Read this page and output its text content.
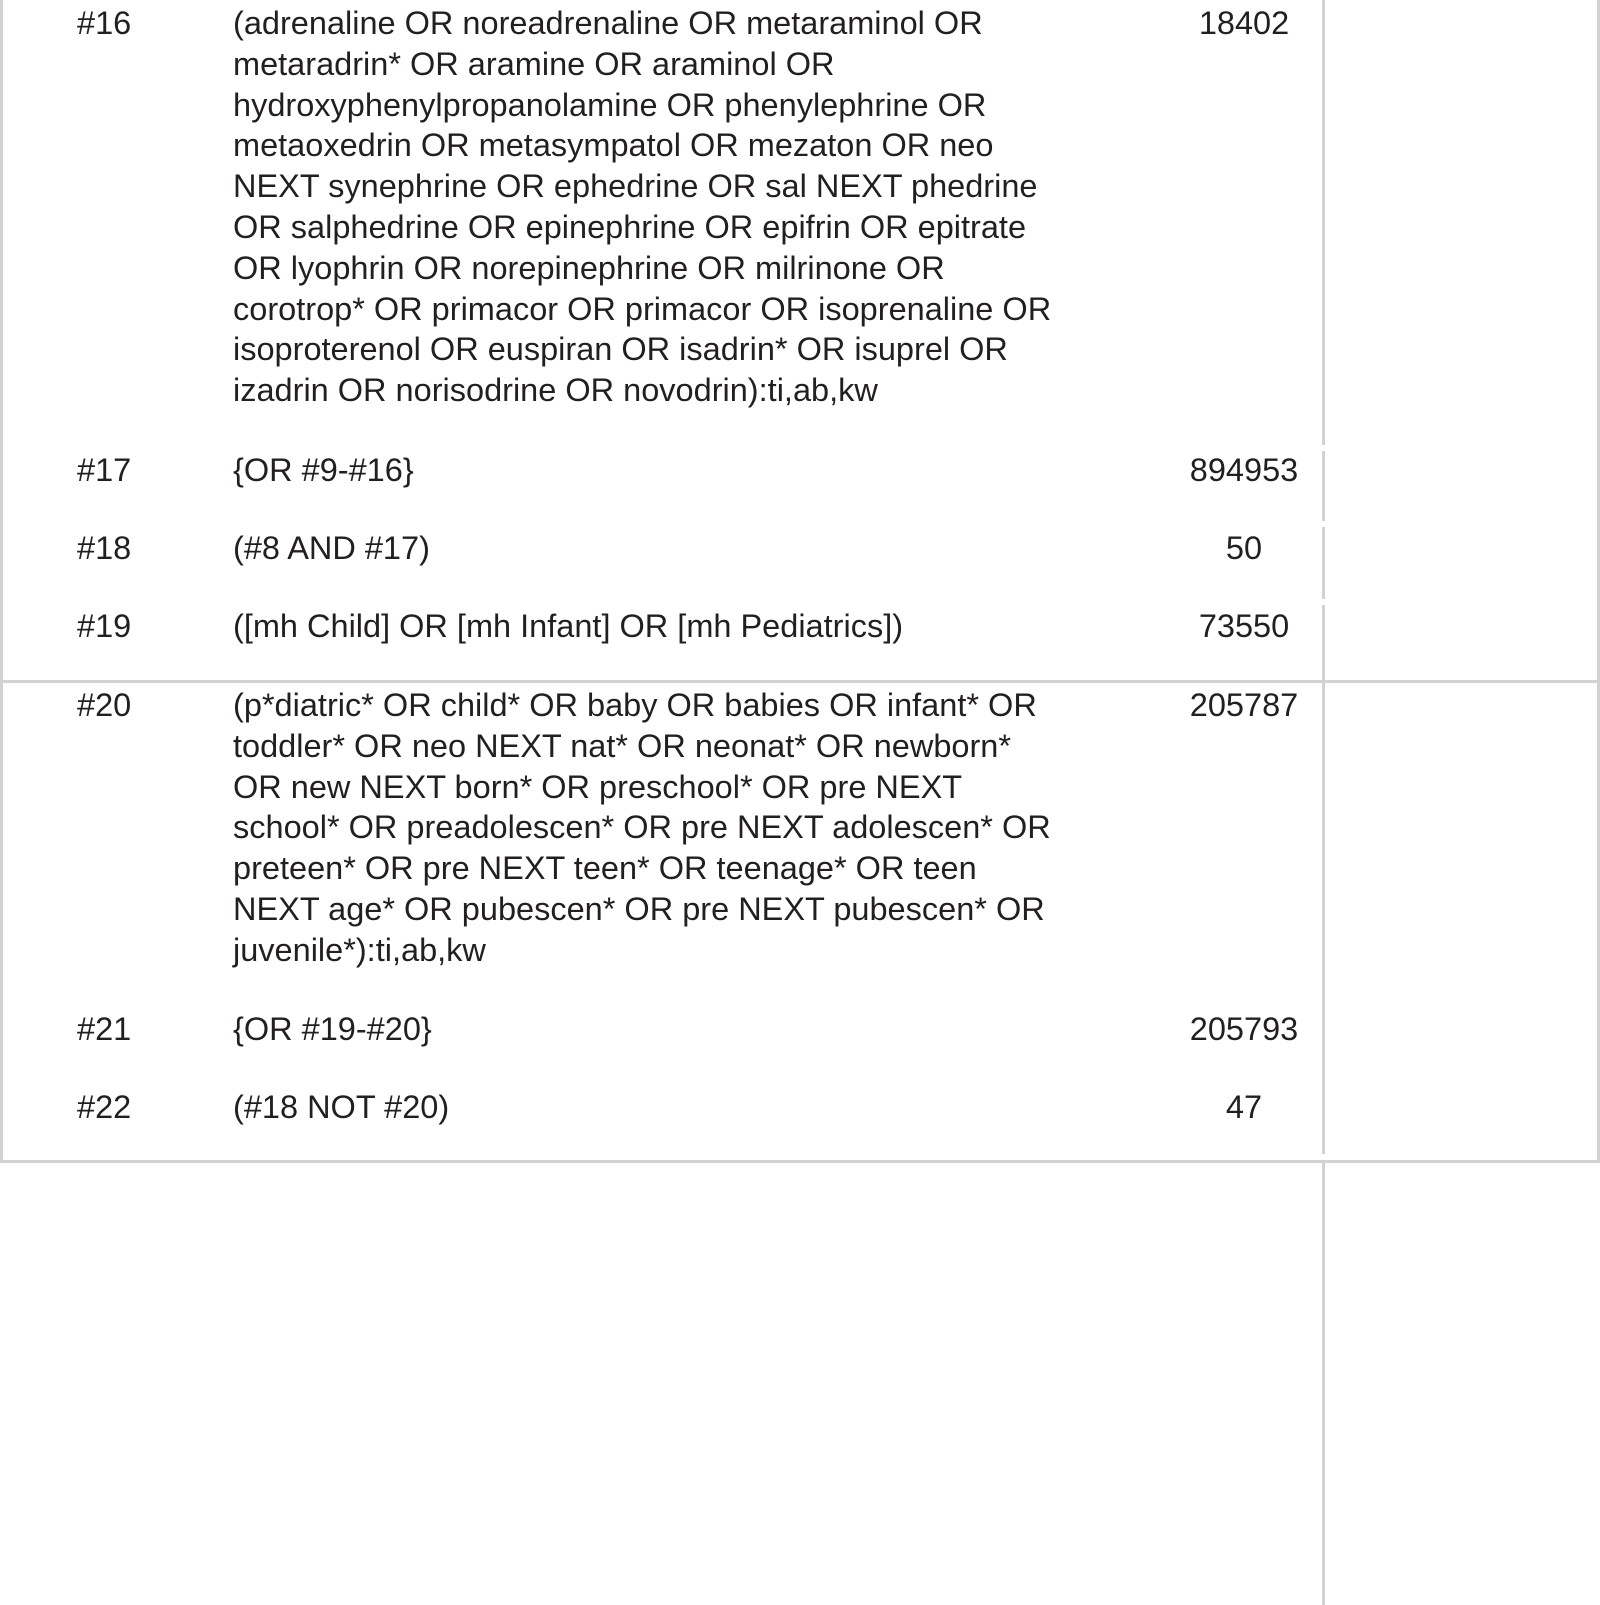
#16	(adrenaline OR noreadrenaline OR metaraminol OR
metaradrin* OR aramine OR araminol OR
hydroxyphenylpropanolamine OR phenylephrine OR
metaoxedrin OR metasympatol OR mezaton OR neo
NEXT synephrine OR ephedrine OR sal NEXT phedrine
OR salphedrine OR epinephrine OR epifrin OR epitrate
OR lyophrin OR norepinephrine OR milrinone OR
corotrop* OR primacor OR primacor OR isoprenaline OR
isoproterenol OR euspiran OR isadrin* OR isuprel OR
izadrin OR norisodrine OR novodrin):ti,ab,kw
18402
#17	{OR #9-#16}	894953
#18	(#8 AND #17)	50
#19	([mh Child] OR [mh Infant] OR [mh Pediatrics])	73550
#20	(p*diatric* OR child* OR baby OR babies OR infant* OR
toddler* OR neo NEXT nat* OR neonat* OR newborn*
OR new NEXT born* OR preschool* OR pre NEXT
school* OR preadolescen* OR pre NEXT adolescen* OR
preteen* OR pre NEXT teen* OR teenage* OR teen
NEXT age* OR pubescen* OR pre NEXT pubescen* OR
juvenile*):ti,ab,kw
205787
#21	{OR #19-#20}	205793
#22	(#18 NOT #20)	47
